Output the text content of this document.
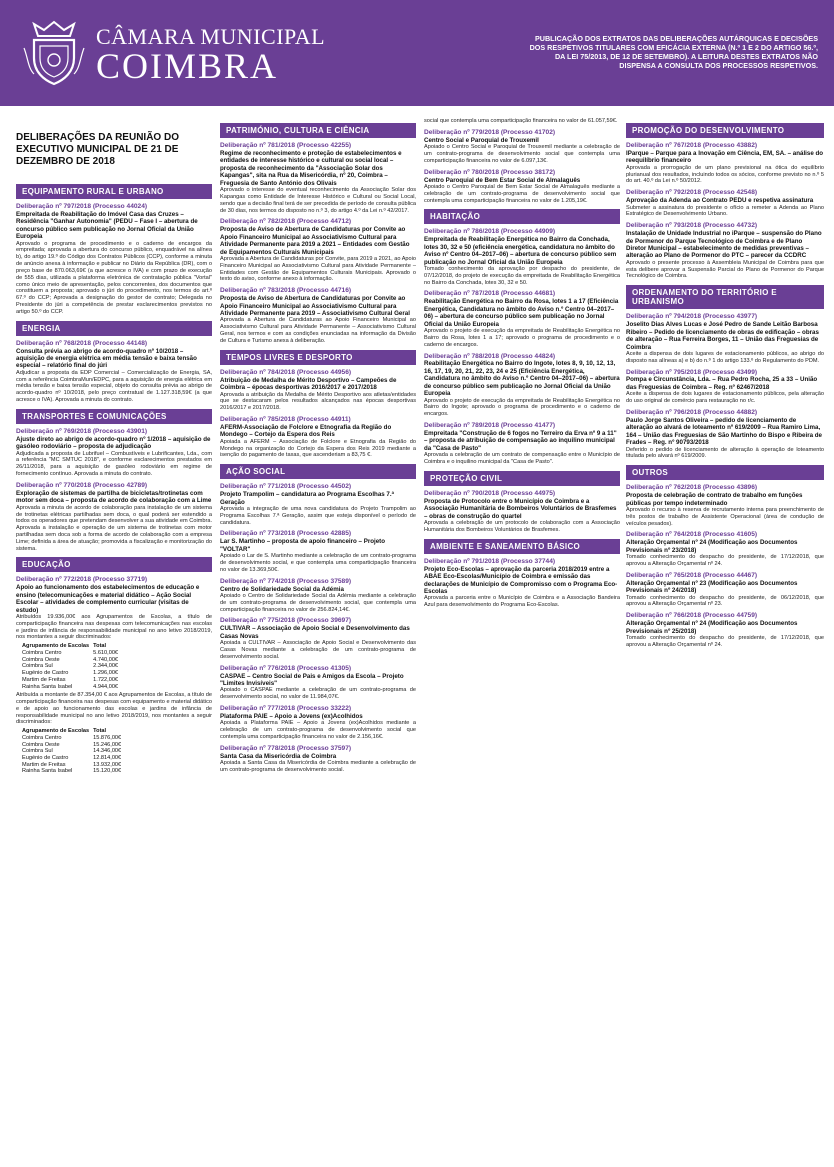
CÂMARA MUNICIPAL
COIMBRA
PUBLICAÇÃO DOS EXTRATOS DAS DELIBERAÇÕES AUTÁRQUICAS E DECISÕES DOS RESPETIVOS TITULARES COM EFICÁCIA EXTERNA (N.º 1 E 2 DO ARTIGO 56.º, DA LEI 75/2013, DE 12 DE SETEMBRO). A LEITURA DESTES EXTRATOS NÃO DISPENSA A CONSULTA DOS PROCESSOS RESPETIVOS.
DELIBERAÇÕES DA REUNIÃO DO EXECUTIVO MUNICIPAL DE 21 DE DEZEMBRO DE 2018
EQUIPAMENTO RURAL E URBANO
Deliberação nº 797/2018 (Processo 44024)
Empreitada de Reabilitação do Imóvel Casa das Cruzes – Residência "Ganhar Autonomia" (PEDU – Fase I – abertura de concurso público sem publicação no Jornal Oficial da União Europeia
Aprovado o programa de procedimento e o caderno de encargos da empreitada; aprovada a abertura do concurso público, enquadrável na alínea b), do artigo 19.º do Código dos Contratos Públicos (CCP), conforme a minuta de anúncio anexa à informação e publicar no Diário da República (DR), com o preço base de 870.063,69€ (a que acresce o IVA) e com prazo de execução de 555 dias, utilizada a plataforma eletrónica de contratação pública "Vortal" como único meio de apresentação, pelos concorrentes, dos documentos que constituem a proposta; aprovado o júri do procedimento, nos termos do art.º 67.º do CCP; Aprovada a designação do gestor de contrato; Delegada no Presidente do júri a competência de prestar esclarecimentos previstos no artigo 50.º do CCP.
ENERGIA
Deliberação nº 768/2018 (Processo 44148)
Consulta prévia ao abrigo de acordo-quadro nº 10/2018 – aquisição de energia elétrica em média tensão e baixa tensão especial – relatório final do júri
Adjudicar a proposta da EDP Comercial – Comercialização de Energia, SA, com a referência CoimbraMun/EDPC, para a aquisição de energia elétrica em média tensão e baixa tensão especial, objeto do consulta prévia ao abrigo de acordo-quadro nº 10/2018, pelo preço contratual de 1.127.318,59€ (a que acresce o IVA). Aprovada a minuta do contrato.
TRANSPORTES E COMUNICAÇÕES
Deliberação nº 769/2018 (Processo 43901)
Ajuste direto ao abrigo de acordo-quadro nº 1/2018 – aquisição de gasóleo rodoviário – proposta de adjudicação
Adjudicada a proposta de Lubrifuel – Combustíveis e Lubrificantes, Lda., com a referência "MC SMTUC 2018", e conforme esclarecimentos prestados em 26/11/2018, para a aquisição de gasóleo rodoviário em regime de fornecimento contínuo. Aprovada a minuta do contrato.
Deliberação nº 770/2018 (Processo 42789)
Exploração de sistemas de partilha de bicicletas/trotinetas com motor sem doca – proposta de acordo de colaboração com a Lime
Aprovada a minuta de acordo de colaboração para instalação de um sistema de trotinetas elétricas partilhadas sem doca, o qual poderá ser estendido a todos os operadores que pretendam desenvolver a sua atividade em Coimbra. Aprovada a instalação e operação de um sistema de trotinetas com motor partilhadas sem doca sob a forma de acordo de colaboração com a empresa Lime; definida a área de atuação; promovida a fiscalização e monitorização do sistema.
EDUCAÇÃO
Deliberação nº 772/2018 (Processo 37719)
Apoio ao funcionamento dos estabelecimentos de educação e ensino (telecomunicações e material didático – Ação Social Escolar – atividades de complemento curricular (visitas de estudo)
Atribuídos 19.936,00€ aos Agrupamentos de Escolas, a título de comparticipação financeira nas despesas com telecomunicações nas escolas e jardins de infância de responsabilidade municipal no ano letivo 2018/2019, nos montantes a seguir discriminados:
Agrupamento de Escolas	Total
Coimbra Centro	5.610,00€
Coimbra Oeste	4.740,00€
Coimbra Sul	2.344,00€
Eugénio de Castro	1.296,00€
Martim de Freitas	1.722,00€
Rainha Santa Isabel	4.944,00€
Atribuída a montante de 87.354,00 € aos Agrupamentos de Escolas, a título de comparticipação financeira nas despesas com equipamento e material didático e de apoio ao funcionamento das escolas e jardins de infância de responsabilidade municipal no ano letivo 2018/2019, nos montantes a seguir discriminados:
Agrupamento de Escolas	Total
Coimbra Centro	15.876,00€
Coimbra Oeste	15.246,00€
Coimbra Sul	14.346,00€
Eugénio de Castro	12.814,00€
Martim de Freitas	13.932,00€
Rainha Santa Isabel	15.120,00€
PATRIMÓNIO, CULTURA E CIÊNCIA
Deliberação nº 781/2018 (Processo 42255)
Regime de reconhecimento e proteção de estabelecimentos e entidades de interesse histórico e cultural ou social local – proposta de reconhecimento da "Associação Solar dos Kapangas", sita na Rua da Misericórdia, nº 20, Coimbra – Freguesia de Santo António dos Olivais
Aprovado o interesse do eventual reconhecimento da Associação Solar dos Kapangas como Entidade de Interesse Histórico e Cultural ou Social Local, sendo que a decisão final terá de ser precedida de período de consulta pública de 30 dias, nos termos do disposto no n.º 3, do artigo 4.º da Lei n.º 42/2017.
Deliberação nº 782/2018 (Processo 44712)
Proposta de Aviso de Abertura de Candidaturas por Convite ao Apoio Financeiro Municipal ao Associativismo Cultural para Atividade Permanente para 2019 a 2021 – Entidades com Gestão de Equipamentos Culturais Municipais
Aprovada a Abertura de Candidaturas por Convite, para 2019 a 2021, ao Apoio Financeiro Municipal ao Associativismo Cultural para Atividade Permanente – Entidades com Gestão de Equipamentos Culturais Municipais. Aprovado o texto do aviso, conforme anexo à informação.
Deliberação nº 783/2018 (Processo 44716)
Proposta de Aviso de Abertura de Candidaturas por Convite ao Apoio Financeiro Municipal ao Associativismo Cultural para Atividade Permanente para 2019 – Associativismo Cultural Geral
Aprovada a Abertura de Candidaturas ao Apoio Financeiro Municipal ao Associativismo Cultural para Atividade Permanente – Associativismo Cultural Geral, nos termos e com as condições enunciadas na informação da Divisão de Cultura e Turismo anexa à deliberação.
TEMPOS LIVRES E DESPORTO
Deliberação nº 784/2018 (Processo 44956)
Atribuição de Medalha de Mérito Desportivo – Campeões de Coimbra – épocas desportivas 2016/2017 e 2017/2018
Aprovada a atribuição da Medalha de Mérito Desportivo aos atletas/entidades que se destacaram pelos resultados alcançados nas épocas desportivas 2016/2017 e 2017/2018.
Deliberação nº 785/2018 (Processo 44911)
AFERM-Associação de Folclore e Etnografia da Região do Mondego – Cortejo da Espera dos Reis
Apoiada a AFERM – Associação de Folclore e Etnografia da Região do Mondego na organização do Cortejo da Espera dos Reis 2019 mediante a isenção do pagamento de taxas, que ascenderiam a 83,75 €.
AÇÃO SOCIAL
Deliberação nº 771/2018 (Processo 44502)
Projeto Trampolim – candidatura ao Programa Escolhas 7.ª Geração
Aprovada a integração de uma nova candidatura do Projeto Trampolim ao Programa Escolhas 7.ª Geração, assim que esteja disponível o período de candidatura.
Deliberação nº 773/2018 (Processo 42885)
Lar S. Martinho – proposta de apoio financeiro – Projeto "VOLTAR"
Apoiado o Lar de S. Martinho mediante a celebração de um contrato-programa de desenvolvimento social, e que contempla uma comparticipação financeira no valor de 13.369,50€.
Deliberação nº 774/2018 (Processo 37589)
Centro de Solidariedade Social da Adémia
Apoiado o Centro de Solidariedade Social da Adémia mediante a celebração de um contrato-programa de desenvolvimento social, que contempla uma comparticipação financeira no valor de 256.824,14€.
Deliberação nº 775/2018 (Processo 39697)
CULTIVAR – Associação de Apoio Social e Desenvolvimento das Casas Novas
Apoiada a CULTIVAR – Associação de Apoio Social e Desenvolvimento das Casas Novas mediante a celebração de um contrato-programa de desenvolvimento social.
Deliberação nº 776/2018 (Processo 41305)
CASPAE – Centro Social de Pais e Amigos da Escola – Projeto "Limites Invisíveis"
Apoiado o CASPAE mediante a celebração de um contrato-programa de desenvolvimento social, no valor de 11.984,07€.
Deliberação nº 777/2018 (Processo 33222)
Plataforma PAIE – Apoio a Jovens (ex)Acolhidos
Apoiada a Plataforma PAIE – Apoio a Jovens (ex)Acolhidos mediante a celebração de um contrato-programa de desenvolvimento social que contempla uma comparticipação financeira no valor de 2.156,16€.
Deliberação nº 778/2018 (Processo 37597)
Santa Casa da Misericórdia de Coimbra
Apoiada a Santa Casa da Misericórdia de Coimbra mediante a celebração de um contrato-programa de desenvolvimento social.
social que contempla uma comparticipação financeira no valor de 61.057,59€.
Deliberação nº 779/2018 (Processo 41702)
Centro Social e Paroquial de Trouxemil
Apoiado o Centro Social e Paroquial de Trouxemil mediante a celebração de um contrato-programa de desenvolvimento social que contempla uma comparticipação financeira no valor de 6.097,13€.
Deliberação nº 780/2018 (Processo 38172)
Centro Paroquial de Bem Estar Social de Almalaguês
Apoiado o Centro Paroquial de Bem Estar Social de Almalaguês mediante a celebração de um contrato-programa de desenvolvimento social que contempla uma comparticipação financeira no valor de 1.205,19€.
HABITAÇÃO
Deliberação nº 786/2018 (Processo 44909)
Empreitada de Reabilitação Energética no Bairro da Conchada, lotes 30, 32 e 50 (eficiência energética, candidatura no âmbito do Aviso nº Centro 04–2017–06) – abertura de concurso público sem publicação no Jornal Oficial da União Europeia
Tomado conhecimento da aprovação por despacho do presidente, de 07/12/2018, do projeto de execução da empreitada de Reabilitação Energética no Bairro da Conchada, lotes 30, 32 e 50.
Deliberação nº 787/2018 (Processo 44681)
Reabilitação Energética no Bairro da Rosa, lotes 1 a 17 (Eficiência Energética, Candidatura no âmbito do Aviso n.º Centro 04–2017–06) – abertura de concurso público sem publicação no Jornal Oficial da União Europeia
Aprovado o projeto de execução da empreitada de Reabilitação Energética no Bairro da Rosa, lotes 1 a 17; aprovado o programa de procedimento e o caderno de encargos.
Deliberação nº 788/2018 (Processo 44824)
Reabilitação Energética no Bairro do Ingote, lotes 8, 9, 10, 12, 13, 16, 17, 19, 20, 21, 22, 23, 24 e 25 (Eficiência Energética, Candidatura no âmbito do Aviso n.º Centro 04–2017–06) – abertura de concurso público sem publicação no Jornal Oficial da União Europeia
Aprovado o projeto de execução da empreitada de Reabilitação Energética no Bairro do Ingote; aprovado o programa de procedimento e o caderno de encargos.
Deliberação nº 789/2018 (Processo 41477)
Empreitada "Construção de 6 fogos no Terreiro da Erva nº 9 a 11" – proposta de atribuição de compensação ao inquilino municipal da "Casa de Pasto"
Aprovada a celebração de um contrato de compensação entre o Município de Coimbra e o inquilino municipal da "Casa de Pasto".
PROTEÇÃO CIVIL
Deliberação nº 790/2018 (Processo 44975)
Proposta de Protocolo entre o Município de Coimbra e a Associação Humanitária de Bombeiros Voluntários de Brasfemes – obras de construção do quartel
Aprovada a celebração de um protocolo de colaboração com a Associação Humanitária dos Bombeiros Voluntários de Brasfemes.
AMBIENTE E SANEAMENTO BÁSICO
Deliberação nº 791/2018 (Processo 37744)
Projeto Eco-Escolas – aprovação da parceria 2018/2019 entre a ABAE Eco-Escolas/Município de Coimbra e emissão das declarações de Município de Compromisso com o Programa Eco-Escolas
Aprovada a parceria entre o Município de Coimbra e a Associação Bandeira Azul para desenvolvimento do Programa Eco-Escolas.
PROMOÇÃO DO DESENVOLVIMENTO
Deliberação nº 767/2018 (Processo 43882)
IParque – Parque para a Inovação em Ciência, EM, SA. – análise do reequilíbrio financeiro
Aprovada a prorrogação de um plano previsional na ótica do equilíbrio plurianual dos resultados, incluindo todos os sócios, conforme previsto no n.º 5 do art. 40.º da Lei n.º 50/2012.
Deliberação nº 792/2018 (Processo 42548)
Aprovação da Adenda ao Contrato PEDU e respetiva assinatura
Submeter a assinatura do presidente o ofício a remeter a Adenda ao Plano Estratégico de Desenvolvimento Urbano.
Deliberação nº 793/2018 (Processo 44732)
Instalação de Unidade Industrial no iParque – suspensão do Plano de Pormenor do Parque Tecnológico de Coimbra e de Plano Diretor Municipal – estabelecimento de medidas preventivas – alteração ao Plano de Pormenor do PTC – parecer da CCDRC
Aprovado o presente processo à Assembleia Municipal de Coimbra para que esta delibere aprovar a Suspensão Parcial do Plano de Pormenor do Parque Tecnológico de Coimbra.
ORDENAMENTO DO TERRITÓRIO E URBANISMO
Deliberação nº 794/2018 (Processo 43977)
Joselito Dias Alves Lucas e José Pedro de Sande Leitão Barbosa Ribeiro – Pedido de licenciamento de obras de edificação – obras de alteração – Rua Ferreira Borges, 11 – União das Freguesias de Coimbra
Aceite a dispensa de dois lugares de estacionamento públicos, ao abrigo do disposto nas alíneas a) e b) do n.º 1 do artigo 133.º do Regulamento do PDM.
Deliberação nº 795/2018 (Processo 43499)
Pompa e Circunstância, Lda. – Rua Pedro Rocha, 25 a 33 – União das Freguesias de Coimbra – Reg. nº 62467/2018
Aceite a dispensa de dois lugares de estacionamento públicos, pela alteração do uso original de comércio para restauração no r/c.
Deliberação nº 796/2018 (Processo 44882)
Paulo Jorge Santos Oliveira – pedido de licenciamento de alteração ao alvará de loteamento nº 619/2009 – Rua Ramiro Lima, 164 – União das Freguesias de São Martinho do Bispo e Ribeira de Frades – Reg. nº 90793/2018
Deferido o pedido de licenciamento de alteração à operação de loteamento titulada pelo alvará nº 619/2009.
OUTROS
Deliberação nº 762/2018 (Processo 43896)
Proposta de celebração de contrato de trabalho em funções públicas por tempo indeterminado
Aprovado o recurso à reserva de recrutamento interna para preenchimento de três postos de trabalho de Assistente Operacional (área de condução de veículos pesados).
Deliberação nº 764/2018 (Processo 41605)
Alteração Orçamental nº 24 (Modificação aos Documentos Previsionais nº 23/2018)
Tomado conhecimento do despacho do presidente, de 17/12/2018, que aprovou a Alteração Orçamental nº 24.
Deliberação nº 765/2018 (Processo 44467)
Alteração Orçamental nº 23 (Modificação aos Documentos Previsionais nº 24/2018)
Tomado conhecimento do despacho do presidente, de 06/12/2018, que aprovou a Alteração Orçamental nº 23.
Deliberação nº 766/2018 (Processo 44759)
Alteração Orçamental nº 24 (Modificação aos Documentos Previsionais nº 25/2018)
Tomado conhecimento do despacho do presidente, de 17/12/2018, que aprovou a Alteração Orçamental nº 24.
